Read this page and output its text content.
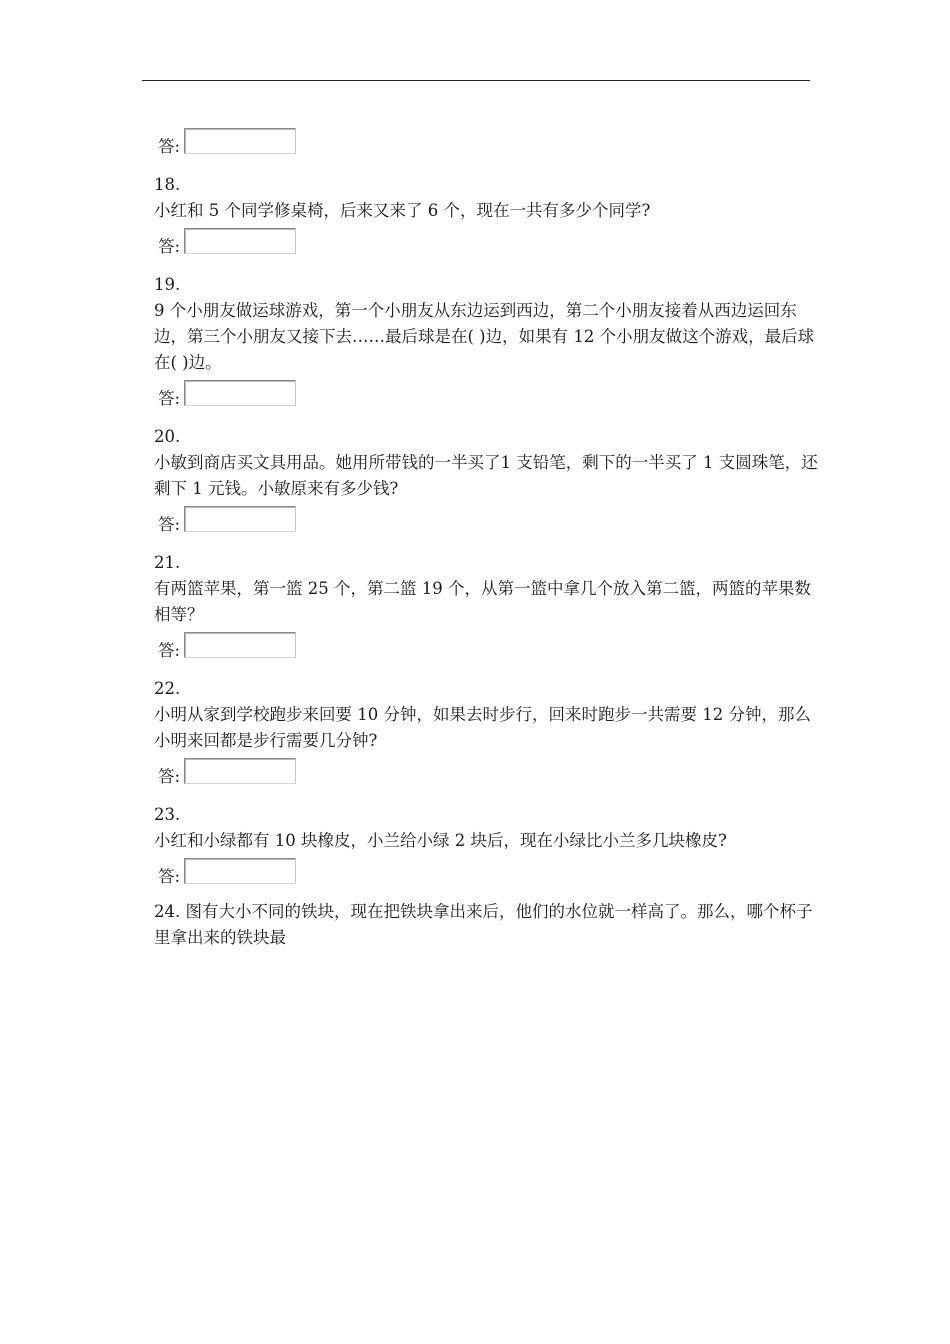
答:
18.
小红和 5 个同学修桌椅，后来又来了 6 个，现在一共有多少个同学?
答:
19.
9 个小朋友做运球游戏，第一个小朋友从东边运到西边，第二个小朋友接着从西边运回东边，第三个小朋友又接下去……最后球是在( )边，如果有 12 个小朋友做这个游戏，最后球在( )边。
答:
20.
小敏到商店买文具用品。她用所带钱的一半买了1 支铅笔，剩下的一半买了 1 支圆珠笔，还剩下 1 元钱。小敏原来有多少钱?
答:
21.
有两篮苹果，第一篮 25 个，第二篮 19 个，从第一篮中拿几个放入第二篮，两篮的苹果数相等？
答:
22.
小明从家到学校跑步来回要 10 分钟，如果去时步行，回来时跑步一共需要 12 分钟，那么小明来回都是步行需要几分钟?
答:
23.
小红和小绿都有 10 块橡皮，小兰给小绿 2 块后，现在小绿比小兰多几块橡皮?
答:
24. 图有大小不同的铁块，现在把铁块拿出来后，他们的水位就一样高了。那么，哪个杯子里拿出来的铁块最
